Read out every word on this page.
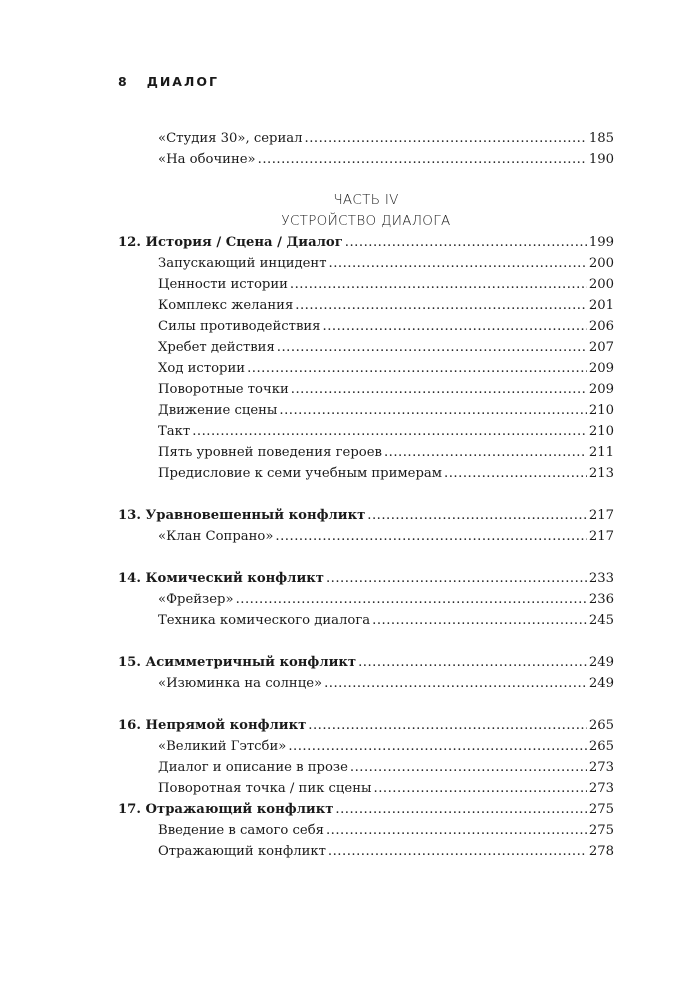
8 ДИАЛОГ
«Студия 30», сериал .....	185
«На обочине» .....	190
ЧАСТЬ IV
УСТРОЙСТВО ДИАЛОГА
12. История / Сцена / Диалог .....	199
Запускающий инцидент .....	200
Ценности истории .....	200
Комплекс желания .....	201
Силы противодействия .....	206
Хребет действия .....	207
Ход истории .....	209
Поворотные точки .....	209
Движение сцены .....	210
Такт .....	210
Пять уровней поведения героев .....	211
Предисловие к семи учебным примерам .....	213
13. Уравновешенный конфликт .....	217
«Клан Сопрано» .....	217
14. Комический конфликт .....	233
«Фрейзер» .....	236
Техника комического диалога .....	245
15. Асимметричный конфликт .....	249
«Изюминка на солнце» .....	249
16. Непрямой конфликт .....	265
«Великий Гэтсби» .....	265
Диалог и описание в прозе .....	273
Поворотная точка / пик сцены .....	273
17. Отражающий конфликт .....	275
Введение в самого себя .....	275
Отражающий конфликт .....	278
